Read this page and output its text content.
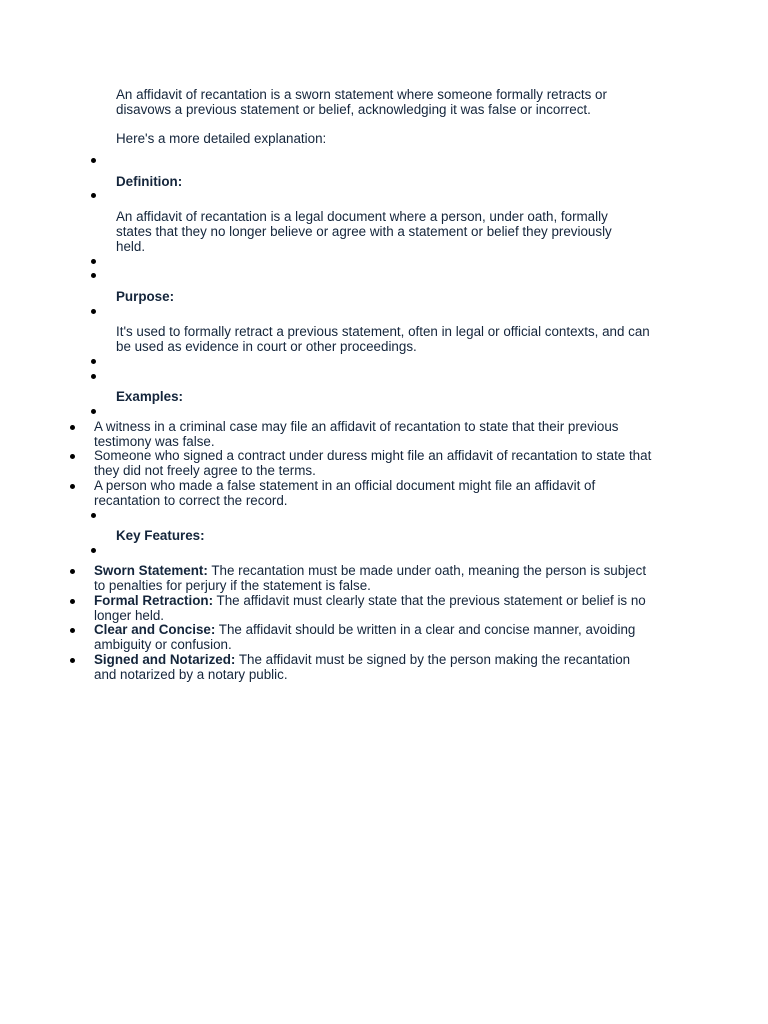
An affidavit of recantation is a sworn statement where someone formally retracts or disavows a previous statement or belief, acknowledging it was false or incorrect.

Here's a more detailed explanation:

Definition:

An affidavit of recantation is a legal document where a person, under oath, formally states that they no longer believe or agree with a statement or belief they previously held.

Purpose:

It's used to formally retract a previous statement, often in legal or official contexts, and can be used as evidence in court or other proceedings.

Examples:

A witness in a criminal case may file an affidavit of recantation to state that their previous testimony was false.

Someone who signed a contract under duress might file an affidavit of recantation to state that they did not freely agree to the terms.

A person who made a false statement in an official document might file an affidavit of recantation to correct the record.

Key Features:

Sworn Statement: The recantation must be made under oath, meaning the person is subject to penalties for perjury if the statement is false.

Formal Retraction: The affidavit must clearly state that the previous statement or belief is no longer held.

Clear and Concise: The affidavit should be written in a clear and concise manner, avoiding ambiguity or confusion.

Signed and Notarized: The affidavit must be signed by the person making the recantation and notarized by a notary public.
